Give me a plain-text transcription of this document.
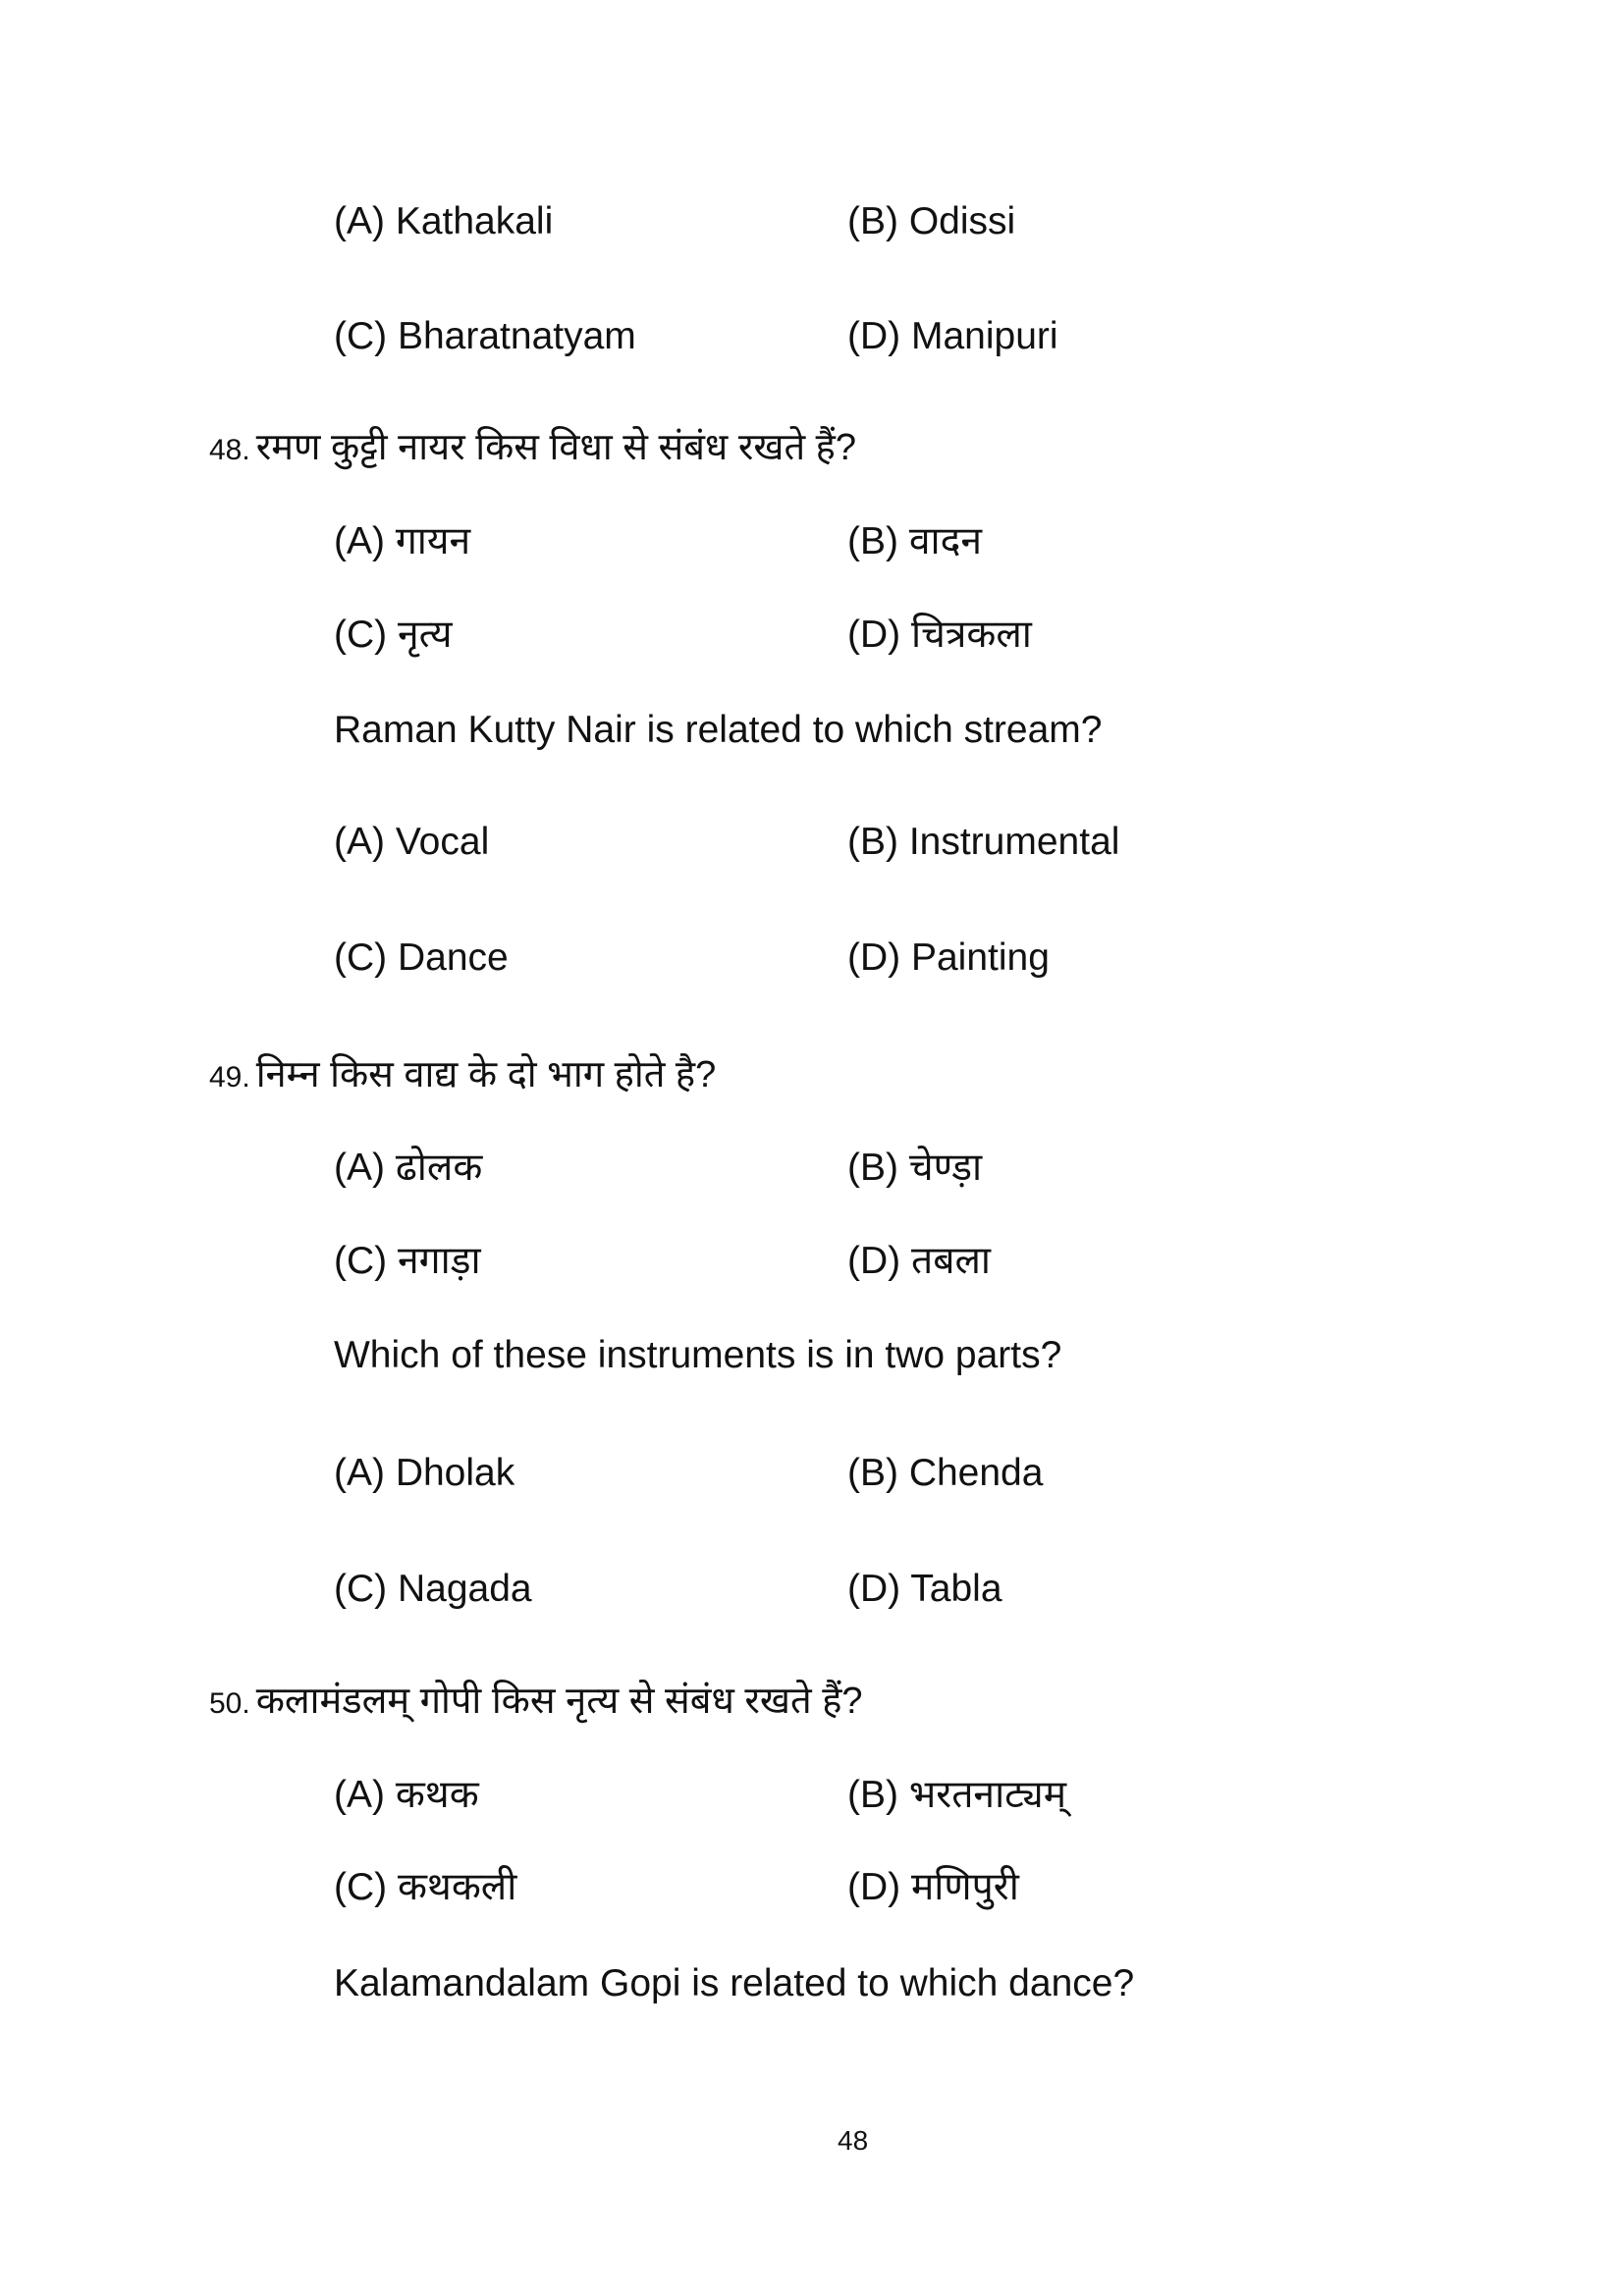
(A) Kathakali	(B) Odissi
(C) Bharatnatyam	(D) Manipuri
48. रमण कुट्टी नायर किस विधा से संबंध रखते हैं?
(A) गायन	(B) वादन
(C) नृत्य	(D) चित्रकला
Raman Kutty Nair is related to which stream?
(A) Vocal	(B) Instrumental
(C) Dance	(D) Painting
49. निम्न किस वाद्य के दो भाग होते है?
(A) ढोलक	(B) चेण्ड़ा
(C) नगाड़ा	(D) तबला
Which of these instruments is in two parts?
(A) Dholak	(B) Chenda
(C) Nagada	(D) Tabla
50. कलामंडलम् गोपी किस नृत्य से संबंध रखते हैं?
(A) कथक	(B) भरतनाट्यम्
(C) कथकली	(D) मणिपुरी
Kalamandalam Gopi is related to which dance?
48
